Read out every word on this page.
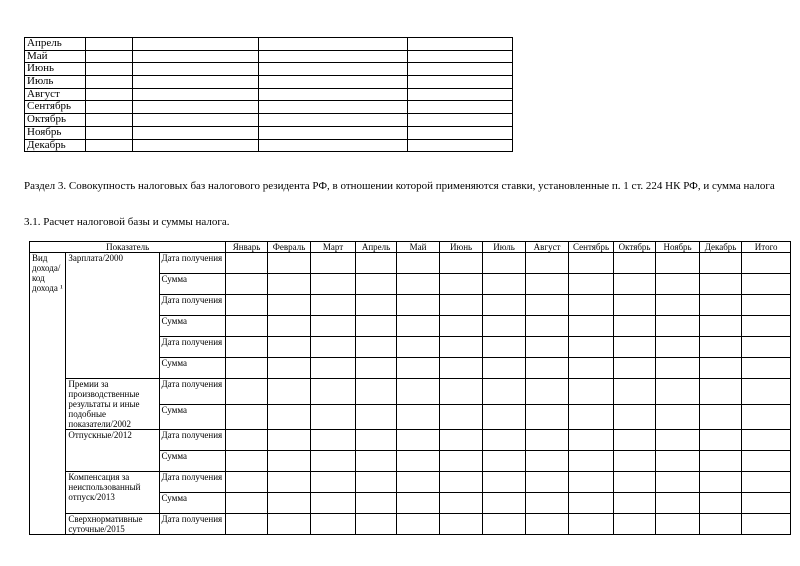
Апрель				
Май				
Июнь				
Июль				
Август				
Сентябрь				
Октябрь				
Ноябрь				
Декабрь				
Раздел 3. Совокупность налоговых баз налогового резидента РФ, в отношении которой применяются ставки, установленные п. 1 ст. 224 НК РФ, и сумма налога
3.1. Расчет налоговой базы и суммы налога.
Показатель			Январь	Февраль	Март	Апрель	Май	Июнь	Июль	Август	Сентябрь	Октябрь	Ноябрь	Декабрь	Итого
Вид дохода/ код дохода ¹	Зарплата/2000	Дата получения													
		Сумма													
		Дата получения													
		Сумма													
		Дата получения													
		Сумма													
	Премии за производственные результаты и иные подобные показатели/2002	Дата получения													
		Сумма													
	Отпускные/2012	Дата получения													
		Сумма													
	Компенсация за неиспользованный отпуск/2013	Дата получения													
		Сумма													
	Сверхнормативные суточные/2015	Дата получения													
